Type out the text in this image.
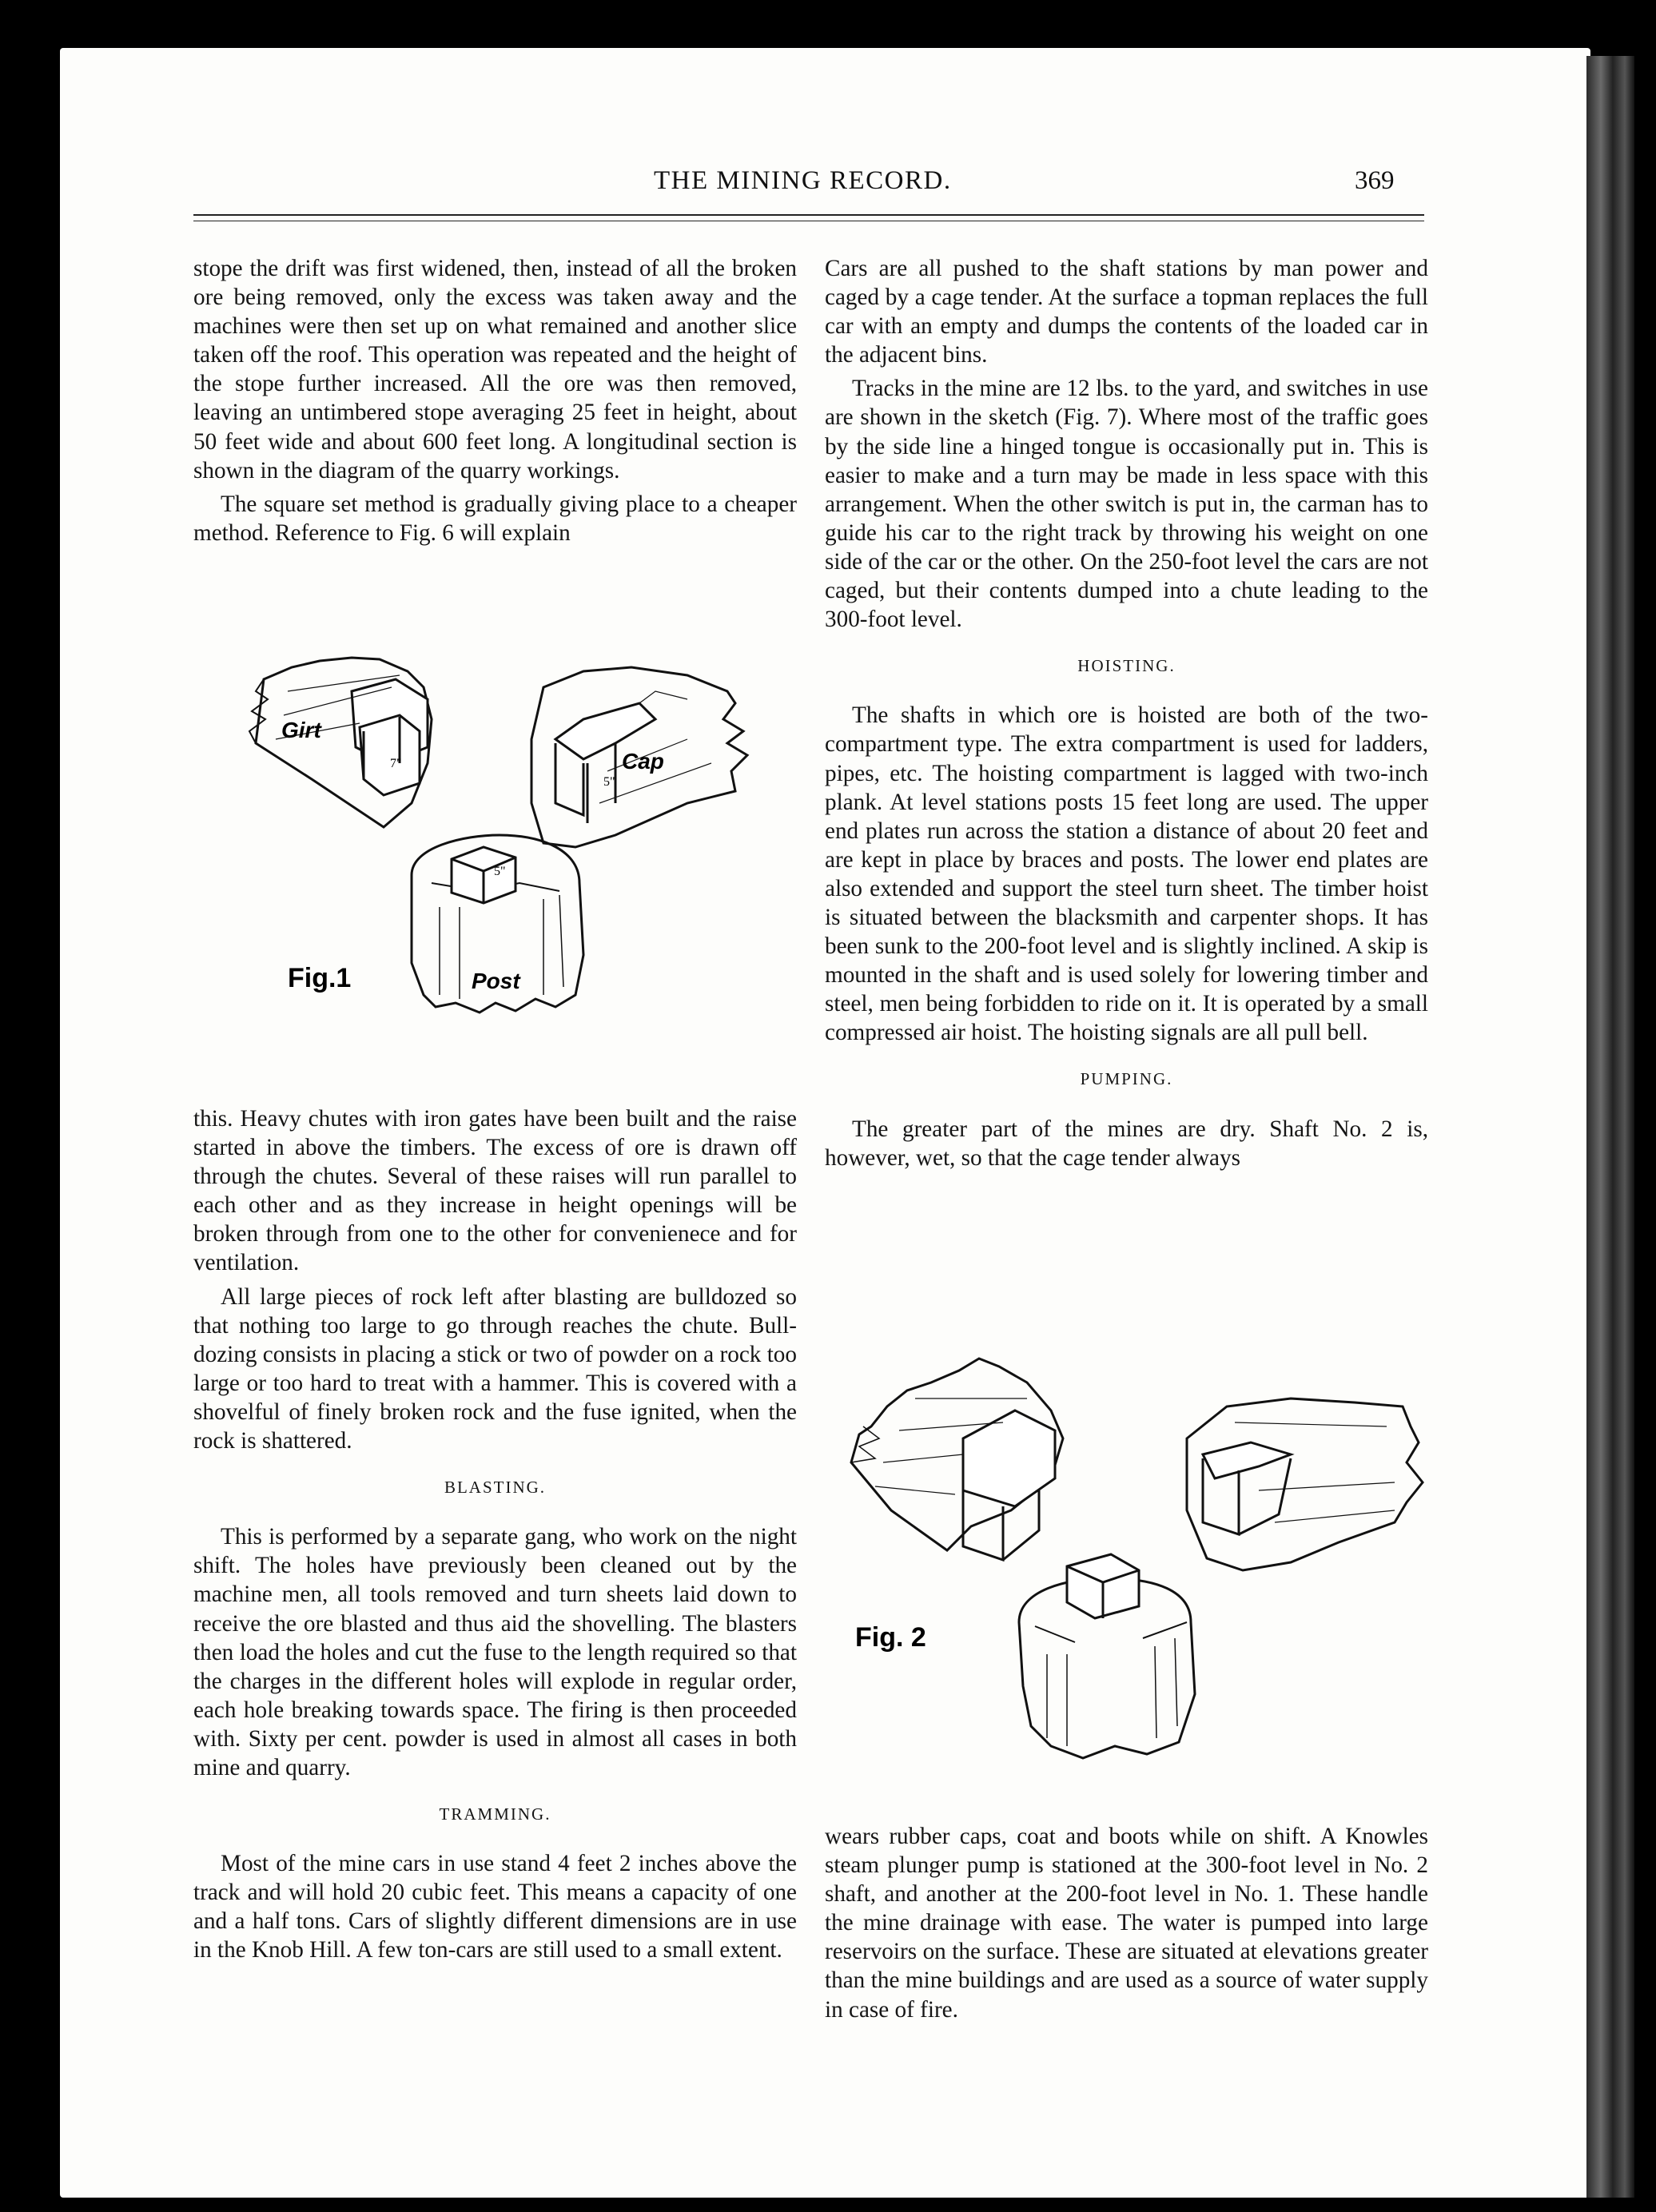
THE MINING RECORD.	369

stope the drift was first widened, then, instead of all the broken ore being removed, only the excess was taken away and the machines were then set up on what remained and another slice taken off the roof. This operation was repeated and the height of the stope further increased. All the ore was then removed, leaving an untimbered stope averaging 25 feet in height, about 50 feet wide and about 600 feet long. A longitudinal section is shown in the diagram of the quarry workings.

The square set method is gradually giving place to a cheaper method. Reference to Fig. 6 will explain

Girt
Cap
Post
7"
5"
5"
Fig.1

this. Heavy chutes with iron gates have been built and the raise started in above the timbers. The excess of ore is drawn off through the chutes. Several of these raises will run parallel to each other and as they increase in height openings will be broken through from one to the other for convenienece and for ventilation.

All large pieces of rock left after blasting are bulldozed so that nothing too large to go through reaches the chute. Bull-dozing consists in placing a stick or two of powder on a rock too large or too hard to treat with a hammer. This is covered with a shovelful of finely broken rock and the fuse ignited, when the rock is shattered.

BLASTING.

This is performed by a separate gang, who work on the night shift. The holes have previously been cleaned out by the machine men, all tools removed and turn sheets laid down to receive the ore blasted and thus aid the shovelling. The blasters then load the holes and cut the fuse to the length required so that the charges in the different holes will explode in regular order, each hole breaking towards space. The firing is then proceeded with. Sixty per cent. powder is used in almost all cases in both mine and quarry.

TRAMMING.

Most of the mine cars in use stand 4 feet 2 inches above the track and will hold 20 cubic feet. This means a capacity of one and a half tons. Cars of slightly different dimensions are in use in the Knob Hill. A few ton-cars are still used to a small extent.

Cars are all pushed to the shaft stations by man power and caged by a cage tender. At the surface a topman replaces the full car with an empty and dumps the contents of the loaded car in the adjacent bins.

Tracks in the mine are 12 lbs. to the yard, and switches in use are shown in the sketch (Fig. 7). Where most of the traffic goes by the side line a hinged tongue is occasionally put in. This is easier to make and a turn may be made in less space with this arrangement. When the other switch is put in, the carman has to guide his car to the right track by throwing his weight on one side of the car or the other. On the 250-foot level the cars are not caged, but their contents dumped into a chute leading to the 300-foot level.

HOISTING.

The shafts in which ore is hoisted are both of the two-compartment type. The extra compartment is used for ladders, pipes, etc. The hoisting compartment is lagged with two-inch plank. At level stations posts 15 feet long are used. The upper end plates run across the station a distance of about 20 feet and are kept in place by braces and posts. The lower end plates are also extended and support the steel turn sheet. The timber hoist is situated between the blacksmith and carpenter shops. It has been sunk to the 200-foot level and is slightly inclined. A skip is mounted in the shaft and is used solely for lowering timber and steel, men being forbidden to ride on it. It is operated by a small compressed air hoist. The hoisting signals are all pull bell.

PUMPING.

The greater part of the mines are dry. Shaft No. 2 is, however, wet, so that the cage tender always

Fig. 2

wears rubber caps, coat and boots while on shift. A Knowles steam plunger pump is stationed at the 300-foot level in No. 2 shaft, and another at the 200-foot level in No. 1. These handle the mine drainage with ease. The water is pumped into large reservoirs on the surface. These are situated at elevations greater than the mine buildings and are used as a source of water supply in case of fire.
